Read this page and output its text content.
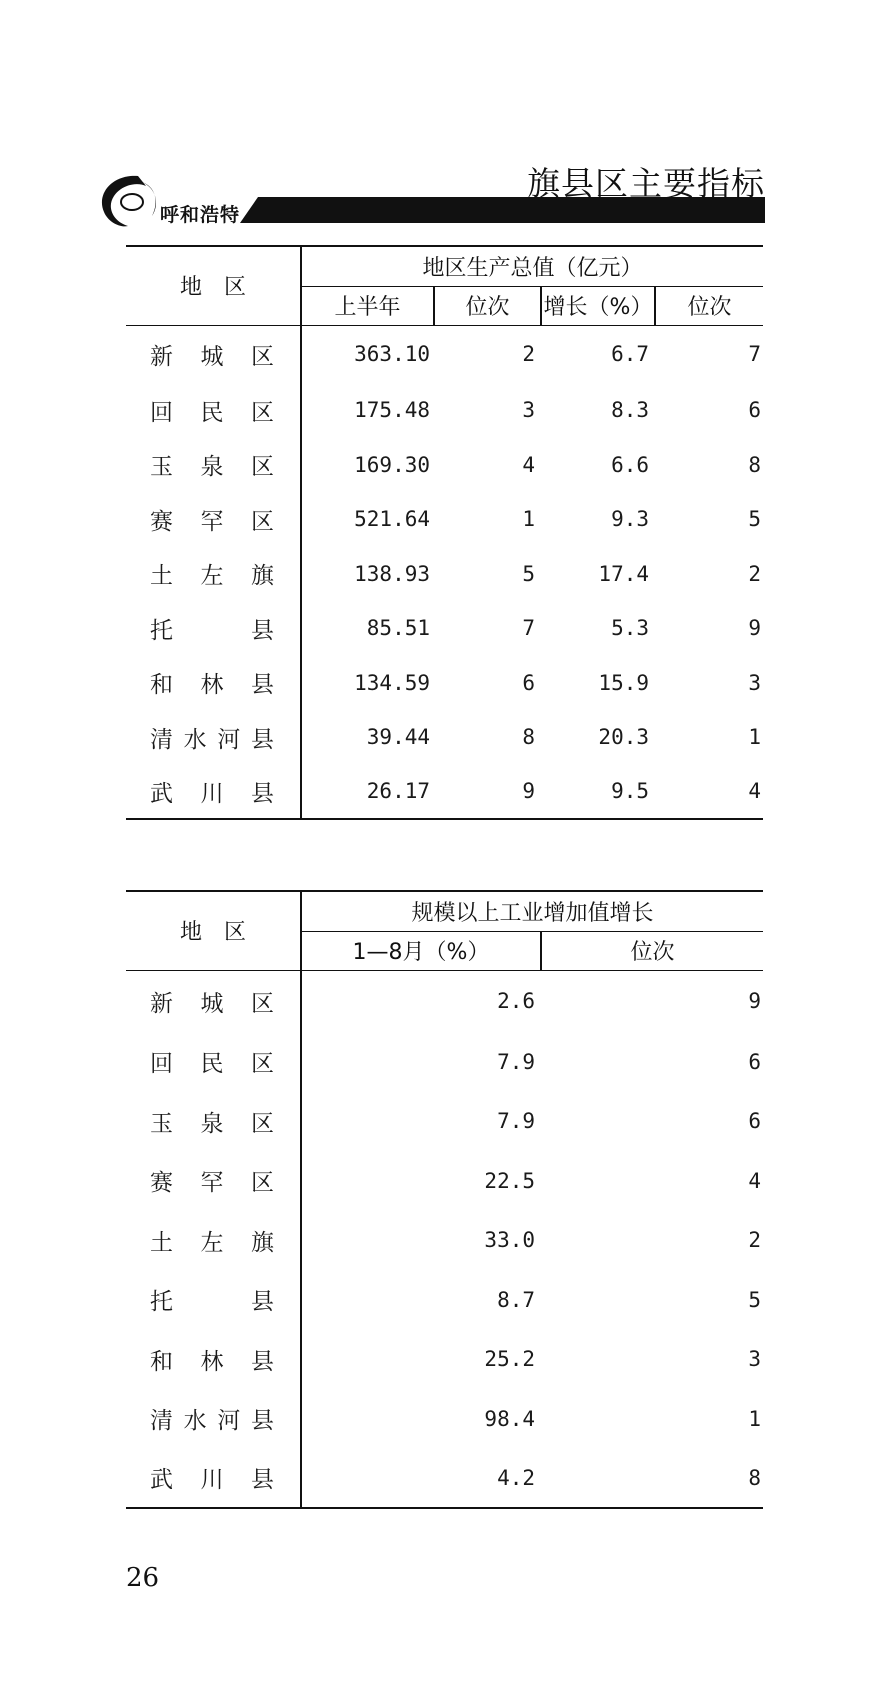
呼和浩特
旗县区主要指标
地　区	地区生产总值（亿元）			
	上半年	位次	增长（%）	位次

新 城 区	363.10	2	6.7	7

回 民 区	175.48	3	8.3	6

玉 泉 区	169.30	4	6.6	8

赛 罕 区	521.64	1	9.3	5

土 左 旗	138.93	5	17.4	2

托 县	85.51	7	5.3	9

和 林 县	134.59	6	15.9	3

清 水 河 县	39.44	8	20.3	1

武 川 县	26.17	9	9.5	4
地　区	规模以上工业增加值增长	
	1—8月（%）	位次

新 城 区	2.6	9

回 民 区	7.9	6

玉 泉 区	7.9	6

赛 罕 区	22.5	4

土 左 旗	33.0	2

托 县	8.7	5

和 林 县	25.2	3

清 水 河 县	98.4	1

武 川 县	4.2	8
26
